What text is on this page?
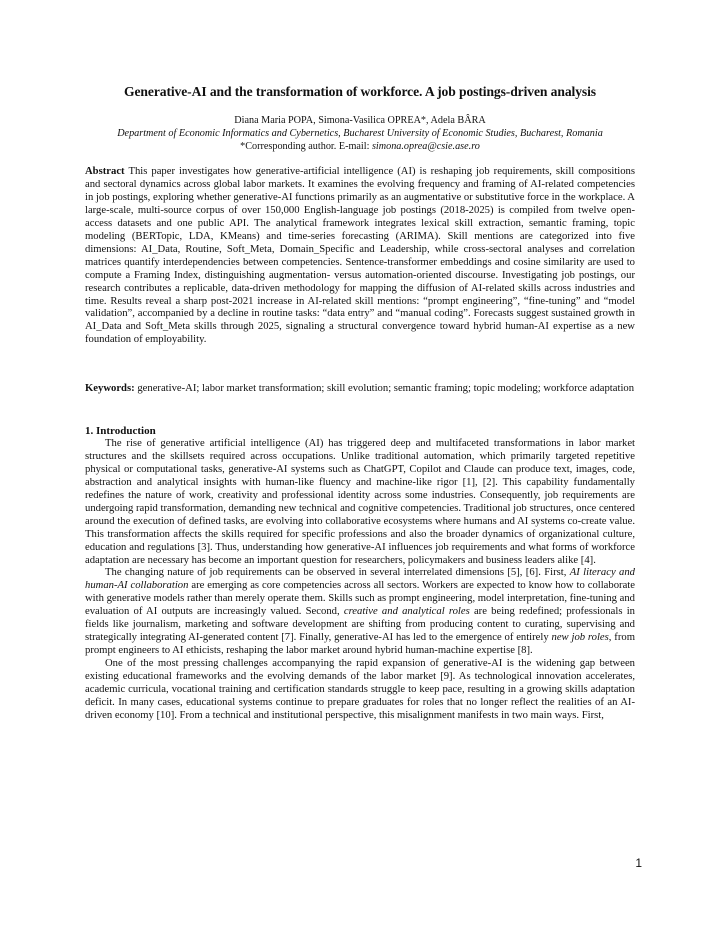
Generative-AI and the transformation of workforce. A job postings-driven analysis
Diana Maria POPA, Simona-Vasilica OPREA*, Adela BÂRA
Department of Economic Informatics and Cybernetics, Bucharest University of Economic Studies, Bucharest, Romania
*Corresponding author. E-mail: simona.oprea@csie.ase.ro

Abstract This paper investigates how generative-artificial intelligence (AI) is reshaping job requirements, skill compositions and sectoral dynamics across global labor markets. It examines the evolving frequency and framing of AI-related competencies in job postings, exploring whether generative-AI functions primarily as an augmentative or substitutive force in the workplace. A large-scale, multi-source corpus of over 150,000 English-language job postings (2018-2025) is compiled from twelve open-access datasets and one public API. The analytical framework integrates lexical skill extraction, semantic framing, topic modeling (BERTopic, LDA, KMeans) and time-series forecasting (ARIMA). Skill mentions are categorized into five dimensions: AI_Data, Routine, Soft_Meta, Domain_Specific and Leadership, while cross-sectoral analyses and correlation matrices quantify interdependencies between competencies. Sentence-transformer embeddings and cosine similarity are used to compute a Framing Index, distinguishing augmentation- versus automation-oriented discourse. Investigating job postings, our research contributes a replicable, data-driven methodology for mapping the diffusion of AI-related skills across industries and time. Results reveal a sharp post-2021 increase in AI-related skill mentions: “prompt engineering”, “fine-tuning” and “model validation”, accompanied by a decline in routine tasks: “data entry” and “manual coding”. Forecasts suggest sustained growth in AI_Data and Soft_Meta skills through 2025, signaling a structural convergence toward hybrid human-AI expertise as a new foundation of employability.

Keywords: generative-AI; labor market transformation; skill evolution; semantic framing; topic modeling; workforce adaptation

1. Introduction

The rise of generative artificial intelligence (AI) has triggered deep and multifaceted transformations in labor market structures and the skillsets required across occupations. Unlike traditional automation, which primarily targeted repetitive physical or computational tasks, generative-AI systems such as ChatGPT, Copilot and Claude can produce text, images, code, abstraction and analytical insights with human-like fluency and machine-like rigor [1], [2]. This capability fundamentally redefines the nature of work, creativity and professional identity across some industries. Consequently, job requirements are undergoing rapid transformation, demanding new technical and cognitive competencies. Traditional job structures, once centered around the execution of defined tasks, are evolving into collaborative ecosystems where humans and AI systems co-create value. This transformation affects the skills required for specific professions and also the broader dynamics of organizational culture, education and regulations [3]. Thus, understanding how generative-AI influences job requirements and what forms of workforce adaptation are necessary has become an important question for researchers, policymakers and business leaders alike [4].

The changing nature of job requirements can be observed in several interrelated dimensions [5], [6]. First, AI literacy and human-AI collaboration are emerging as core competencies across all sectors. Workers are expected to know how to collaborate with generative models rather than merely operate them. Skills such as prompt engineering, model interpretation, fine-tuning and evaluation of AI outputs are increasingly valued. Second, creative and analytical roles are being redefined; professionals in fields like journalism, marketing and software development are shifting from producing content to curating, supervising and strategically integrating AI-generated content [7]. Finally, generative-AI has led to the emergence of entirely new job roles, from prompt engineers to AI ethicists, reshaping the labor market around hybrid human-machine expertise [8].

One of the most pressing challenges accompanying the rapid expansion of generative-AI is the widening gap between existing educational frameworks and the evolving demands of the labor market [9]. As technological innovation accelerates, academic curricula, vocational training and certification standards struggle to keep pace, resulting in a growing skills adaptation deficit. In many cases, educational systems continue to prepare graduates for roles that no longer reflect the realities of an AI-driven economy [10]. From a technical and institutional perspective, this misalignment manifests in two main ways. First,

1
